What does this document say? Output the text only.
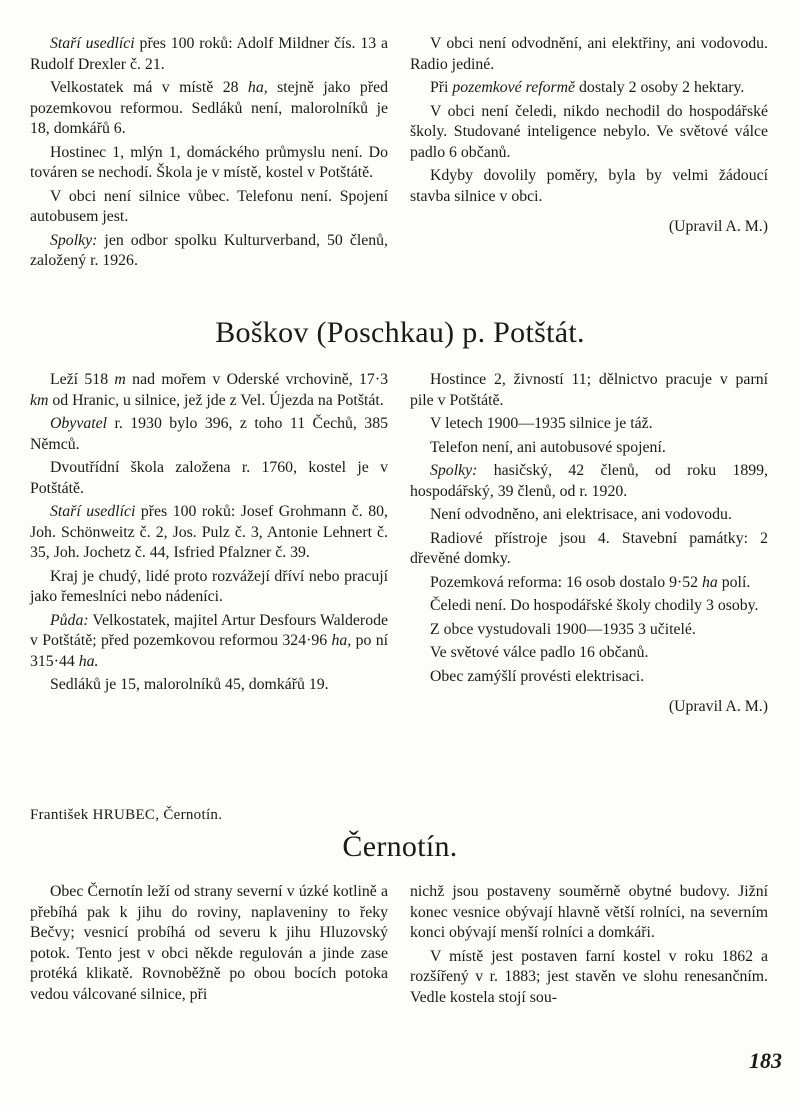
Staří usedlíci přes 100 roků: Adolf Mildner čís. 13 a Rudolf Drexler č. 21.

Velkostatek má v místě 28 ha, stejně jako před pozemkovou reformou. Sedláků není, malorolníků je 18, domkářů 6.

Hostinec 1, mlýn 1, domáckého průmyslu není. Do továren se nechodí. Škola je v místě, kostel v Potštátě.

V obci není silnice vůbec. Telefonu není. Spojení autobusem jest.

Spolky: jen odbor spolku Kulturverband, 50 členů, založený r. 1926.

V obci není odvodnění, ani elektřiny, ani vodovodu. Radio jediné.

Při pozemkové reformě dostaly 2 osoby 2 hektary.

V obci není čeledi, nikdo nechodil do hospodářské školy. Studované inteligence nebylo. Ve světové válce padlo 6 občanů.

Kdyby dovolily poměry, byla by velmi žádoucí stavba silnice v obci.

(Upravil A. M.)

Boškov (Poschkau) p. Potštát.

Leží 518 m nad mořem v Oderské vrchovině, 17·3 km od Hranic, u silnice, jež jde z Vel. Újezda na Potštát.

Obyvatel r. 1930 bylo 396, z toho 11 Čechů, 385 Němců.

Dvoutřídní škola založena r. 1760, kostel je v Potštátě.

Staří usedlíci přes 100 roků: Josef Grohmann č. 80, Joh. Schönweitz č. 2, Jos. Pulz č. 3, Antonie Lehnert č. 35, Joh. Jochetz č. 44, Isfried Pfalzner č. 39.

Kraj je chudý, lidé proto rozvážejí dříví nebo pracují jako řemeslníci nebo nádeníci.

Půda: Velkostatek, majitel Artur Desfours Walderode v Potštátě; před pozemkovou reformou 324·96 ha, po ní 315·44 ha.

Sedláků je 15, malorolníků 45, domkářů 19.

Hostince 2, živností 11; dělnictvo pracuje v parní pile v Potštátě.

V letech 1900—1935 silnice je táž.

Telefon není, ani autobusové spojení.

Spolky: hasičský, 42 členů, od roku 1899, hospodářský, 39 členů, od r. 1920.

Není odvodněno, ani elektrisace, ani vodovodu.

Radiové přístroje jsou 4. Stavební památky: 2 dřevěné domky.

Pozemková reforma: 16 osob dostalo 9·52 ha polí.

Čeledi není. Do hospodářské školy chodily 3 osoby.

Z obce vystudovali 1900—1935 3 učitelé.

Ve světové válce padlo 16 občanů.

Obec zamýšlí provésti elektrisaci.

(Upravil A. M.)

František HRUBEC, Černotín.

Černotín.

Obec Černotín leží od strany severní v úzké kotlině a přebíhá pak k jihu do roviny, naplaveniny to řeky Bečvy; vesnicí probíhá od severu k jihu Hluzovský potok. Tento jest v obci někde regulován a jinde zase protéká klikatě. Rovnoběžně po obou bocích potoka vedou válcované silnice, při

nichž jsou postaveny souměrně obytné budovy. Jižní konec vesnice obývají hlavně větší rolníci, na severním konci obývají menší rolníci a domkáři.

V místě jest postaven farní kostel v roku 1862 a rozšířený v r. 1883; jest stavěn ve slohu renesančním. Vedle kostela stojí sou-

183
